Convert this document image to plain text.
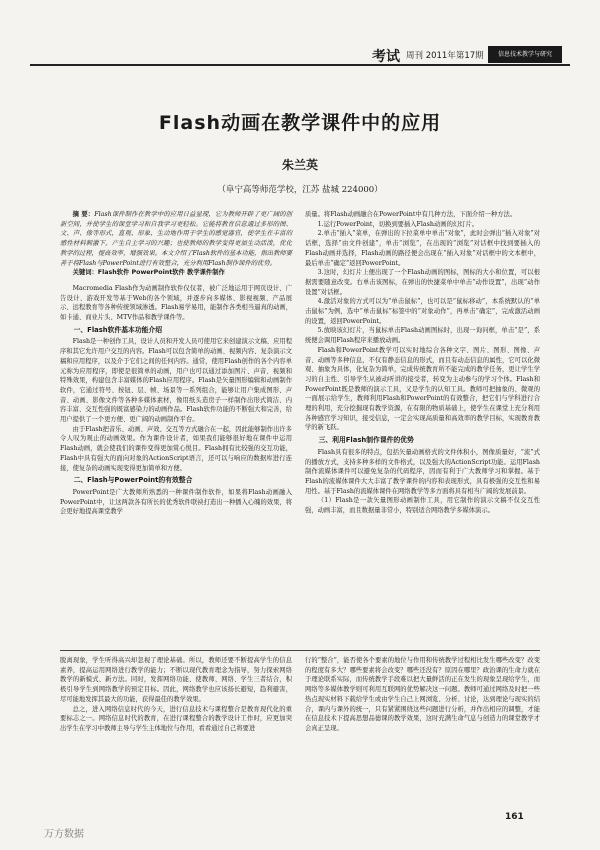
考试 周刊 2011年第17期	信息技术教学与研究
Flash动画在教学课件中的应用
朱兰英
（阜宁高等师范学校，江苏 盐城 224000）

摘 要：Flash课件制作在教学中的应用日益显现，它为教师开辟了更广阔的创新空间，并使学生的课堂学习和自我学习更轻松。它能将教育信息通过多形的图、文、声、像等形式，直观、形象、生动地作用于学生的感觉器官，使学生在丰富的感性材料刺激下，产生自主学习的兴趣；也使教师的教学变得更加生动活泼，优化教学的过程，提高效率，增强效果。本文介绍了Flash软件的基本功能，指出教师要善于将Flash与PowerPoint进行有效整合，充分利用Flash制作课件的优势。

关键词：Flash软件 PowerPoint软件 教学课件制作

Macromedia Flash作为动画制作软件仅仅者，被广泛地运用于网页设计、广告设计、游戏开发等基于Web的各个领域，并逐步向多媒体、影视视频、产品展示、远程教育等各种传统领域渗透。Flash易学易用，能制作各类相当逼真的动画，如卡通、商业片头、MTV作品和教学课件等。

一、Flash软件基本功能介绍

Flash是一种创作工具，设计人员和开发人员可使用它来创建演示文稿、应用程序和其它允许用户交互的内容。Flash可以包含简单的动画、视频内容、复杂演示文稿和应用程序，以及介于它们之间的任何内容。通常，使用Flash创作的各个内容单元称为应用程序，即使是很简单的动画，用户也可以通过添加图片、声音、视频和特殊效果，构建包含丰富媒体的Flash应用程序。Flash是矢量图形编辑和动画制作软件，它通过符号、按钮、层、帧、场景等一系列组合，能够让用户集成图形、声音、动画、影像文件等各种多媒体素材，像用纸头造房子一样制作出形式简洁、内容丰富、交互性强的既富感染力的动画作品。Flash软件功能的不断强大和完善，给用户提供了一个更方便、更广阔的动画制作平台。

由于Flash把音乐、动画、声效、交互等方式融合在一起，因此能够制作出许多令人叹为观止的动画效果。作为课件设计者，如果我们能够很好地在课件中运用Flash动画，就会使我们的课件变得更加赏心悦目。Flash拥有比较强的交互功能，Flash中具有强大的面向对象的ActionScript语言，还可以与响应的数据库进行连接，使复杂的动画实现变得更加简单和方便。

二、Flash与PowerPoint的有效整合

PowerPoint是广大教师所熟悉的一种课件制作软件，如果将Flash动画融入PowerPoint中，让这两款各有所长的优秀软件联袂打造出一种播入心魄的效果，将会更好地提高课堂教学

质量。将Flash动画融合在PowerPoint中有几种方法，下面介绍一种方法。

1.运行PowerPoint，切换到要插入Flash动画的幻灯片。

2.单击“插入”菜单，在弹出的下拉菜单中单击“对象”，此时会弹出“插入对象”对话框，选择“由文件创建”，单击“浏览”，在出现的“浏览”对话框中找到要插入的Flash动画并选择，Flash动画的路径便会出现在“插入对象”对话框中的文本框中，最后单击“确定”返回PowerPoint。

3.这时，幻灯片上便出现了一个Flash动画的图标，图标的大小和位置，可以根据需要随意改变。右单击该图标，在弹出的快捷菜单中单击“动作设置”，出现“动作设置”对话框。

4.激活对象的方式可以为“单击鼠标”，也可以是“鼠标移动”，本系统默认的“单击鼠标”为例，选中“单击鼠标”标签中的“对象动作”，再单击“确定”，完成激活动画的设置，返回PowerPoint。

5.放映该幻灯片，当鼠标单击Flash动画图标时，出现一询问框，单击“是”，系统便会调用Flash程序来播放动画。

Flash和PowerPoint教学可以实时地综合各种文字、图片、图形、图像、声音、动画等多种信息，不仅有静态信息的形式，而且有动态信息的属性，它可以化微观、抽象为具体，化复杂为简单，完成传统教育所不能完成的教学任务，更让学生学习的自主性、引导学生从被动听讲的接受者，转变为主动参与的学习个体。Flash和PowerPoint既是教师的演示工具，又是学生的认知工具。教师可把抽象的、微观的一面展示给学生，教师利用Flash和PowerPoint的有效整合，把它们与学科进行合理的利用，充分挖掘现有教学资源，在有限的物质基础上，使学生在课堂上充分利用各种感官学习知识，接受信息，一定会实现高质量和高效率的教学目标，实现教育教学的新飞跃。

三、利用Flash制作课件的优势

Flash具有很多的特点，包括矢量动画格式的文件体积小，图像质量好，“流”式的播放方式，支持多种多样的文件格式，以及强大的ActionScript功能。运用Flash制作流媒体课件可以避免复杂的代码程序，因而有利于广大教师学习和掌握。基于Flash的流媒体课件大大丰富了教学课件的内容和表现形式，具有极强的交互性和易用性。基于Flash的流媒体课件在网络教学等多方面将具有相当广阔的发展前景。

（1）Flash是一款矢量图形动画制作工具，用它制作的演示文稿不仅交互性强，动画丰富，而且数据量非常小，特别适合网络教学多媒体演示。

脱离现象，学生听得高兴却忽视了理论基础。所以，教师还要不断提高学生的信息素养，提高运用网络进行教学的能力；不断以现代教育理念为指导，努力探索网络教学的新模式、新方法。同时，发挥网络功能、使教师、网络、学生三者结合，积极引导学生到网络教学的预定目标。因此，网络教学也应该扬长避短，趋利避害，尽可能地发挥其最大的功能，获得最佳的教学效果。

总之，进入网络信息时代的今天，进行信息技术与课程整合是教育现代化的重要标志之一。网络信息时代的教育，在进行课程整合的教学设计工作时，应更加突出学生在学习中教师主导与学生主体地位与作用，看看通过自己将要进

行的“整合”，能否使各个要素的地位与作用和传统教学过程相比发生哪些改变？改变的程度有多大？哪些要素将会改变？哪些还没有？原因在哪里？政治课的生命力就在于理论联系实际，而传统教学手段难以把大量鲜活的正在发生的现象呈现给学生，而网络等多媒体教学则可利用互联网的优势解决这一问题。教师可通过网络及时把一些热点现实材料下载给学生或由学生自己上网浏览、分析、讨论，达到理论与现实的结合，课内与课外的统一，只有紧紧围绕这些问题进行分析，并作出相应的调整，才能在信息技术下提高思想品德课的教学效果，这时充满生命气息与创造力的课堂教学才会真正呈现。

161
万方数据
